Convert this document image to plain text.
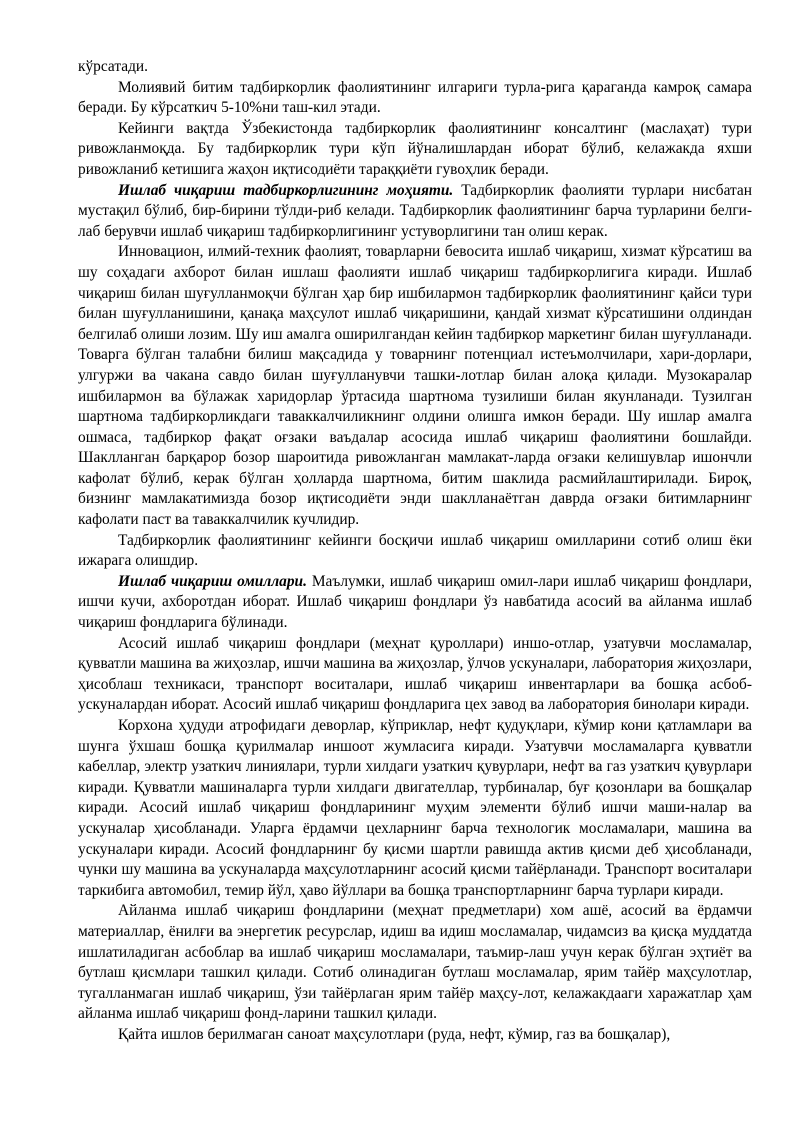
кўрсатади.

Молиявий битим тадбиркорлик фаолиятининг илгариги турла-рига қараганда камроқ самара беради. Бу кўрсаткич 5-10%ни таш-кил этади.

Кейинги вақтда Ўзбекистонда тадбиркорлик фаолиятининг консалтинг (маслаҳат) тури ривожланмоқда. Бу тадбиркорлик тури кўп йўналишлардан иборат бўлиб, келажакда яхши ривожланиб кетишига жаҳон иқтисодиёти тараққиёти гувоҳлик беради.

Ишлаб чиқариш тадбиркорлигининг моҳияти. Тадбиркорлик фаолияти турлари нисбатан мустақил бўлиб, бир-бирини тўлди-риб келади. Тадбиркорлик фаолиятининг барча турларини белги-лаб берувчи ишлаб чиқариш тадбиркорлигининг устуворлигини тан олиш керак.

Инновацион, илмий-техник фаолият, товарларни бевосита ишлаб чиқариш, хизмат кўрсатиш ва шу соҳадаги ахборот билан ишлаш фаолияти ишлаб чиқариш тадбиркорлигига киради. Ишлаб чиқариш билан шуғулланмоқчи бўлган ҳар бир ишбилармон тадбиркорлик фаолиятининг қайси тури билан шуғулланишини, қанақа маҳсулот ишлаб чиқаришини, қандай хизмат кўрсатишини олдиндан белгилаб олиши лозим. Шу иш амалга оширилгандан кейин тадбиркор маркетинг билан шуғулланади. Товарга бўлган талабни билиш мақсадида у товарнинг потенциал истеъмолчилари, хари-дорлари, улгуржи ва чакана савдо билан шуғулланувчи ташки-лотлар билан алоқа қилади. Музокаралар ишбилармон ва бўлажак харидорлар ўртасида шартнома тузилиши билан якунланади. Тузилган шартнома тадбиркорликдаги таваккалчиликнинг олдини олишга имкон беради. Шу ишлар амалга ошмаса, тадбиркор фақат оғзаки ваъдалар асосида ишлаб чиқариш фаолиятини бошлайди. Шаклланган барқарор бозор шароитида ривожланган мамлакат-ларда оғзаки келишувлар ишончли кафолат бўлиб, керак бўлган ҳолларда шартнома, битим шаклида расмийлаштирилади. Бироқ, бизнинг мамлакатимизда бозор иқтисодиёти энди шаклланаётган даврда оғзаки битимларнинг кафолати паст ва таваккалчилик кучлидир.

Тадбиркорлик фаолиятининг кейинги босқичи ишлаб чиқариш омилларини сотиб олиш ёки ижарага олишдир.

Ишлаб чиқариш омиллари. Маълумки, ишлаб чиқариш омил-лари ишлаб чиқариш фондлари, ишчи кучи, ахборотдан иборат. Ишлаб чиқариш фондлари ўз навбатида асосий ва айланма ишлаб чиқариш фондларига бўлинади.

Асосий ишлаб чиқариш фондлари (меҳнат қуроллари) иншо-отлар, узатувчи мосламалар, қувватли машина ва жиҳозлар, ишчи машина ва жиҳозлар, ўлчов ускуналари, лаборатория жиҳозлари, ҳисоблаш техникаси, транспорт воситалари, ишлаб чиқариш инвентарлари ва бошқа асбоб-ускуналардан иборат. Асосий ишлаб чиқариш фондларига цех завод ва лаборатория бинолари киради.

Корхона ҳудуди атрофидаги деворлар, кўприклар, нефт қудуқлари, кўмир кони қатламлари ва шунга ўхшаш бошқа қурилмалар иншоот жумласига киради. Узатувчи мосламаларга қувватли кабеллар, электр узаткич линиялари, турли хилдаги узаткич қувурлари, нефт ва газ узаткич қувурлари киради. Қувватли машиналарга турли хилдаги двигателлар, турбиналар, буғ қозонлари ва бошқалар киради. Асосий ишлаб чиқариш фондларининг муҳим элементи бўлиб ишчи маши-налар ва ускуналар ҳисобланади. Уларга ёрдамчи цехларнинг барча технологик мосламалари, машина ва ускуналари киради. Асосий фондларнинг бу қисми шартли равишда актив қисми деб ҳисобланади, чунки шу машина ва ускуналарда маҳсулотларнинг асосий қисми тайёрланади. Транспорт воситалари таркибига автомобил, темир йўл, ҳаво йўллари ва бошқа транспортларнинг барча турлари киради.

Айланма ишлаб чиқариш фондларини (меҳнат предметлари) хом ашё, асосий ва ёрдамчи материаллар, ёнилғи ва энергетик ресурслар, идиш ва идиш мосламалар, чидамсиз ва қисқа муддатда ишлатиладиган асбоблар ва ишлаб чиқариш мосламалари, таъмир-лаш учун керак бўлган эҳтиёт ва бутлаш қисмлари ташкил қилади. Сотиб олинадиган бутлаш мосламалар, ярим тайёр маҳсулотлар, тугалланмаган ишлаб чиқариш, ўзи тайёрлаган ярим тайёр маҳсу-лот, келажакдааги харажатлар ҳам айланма ишлаб чиқариш фонд-ларини ташкил қилади.

Қайта ишлов берилмаган саноат маҳсулотлари (руда, нефт, кўмир, газ ва бошқалар),
